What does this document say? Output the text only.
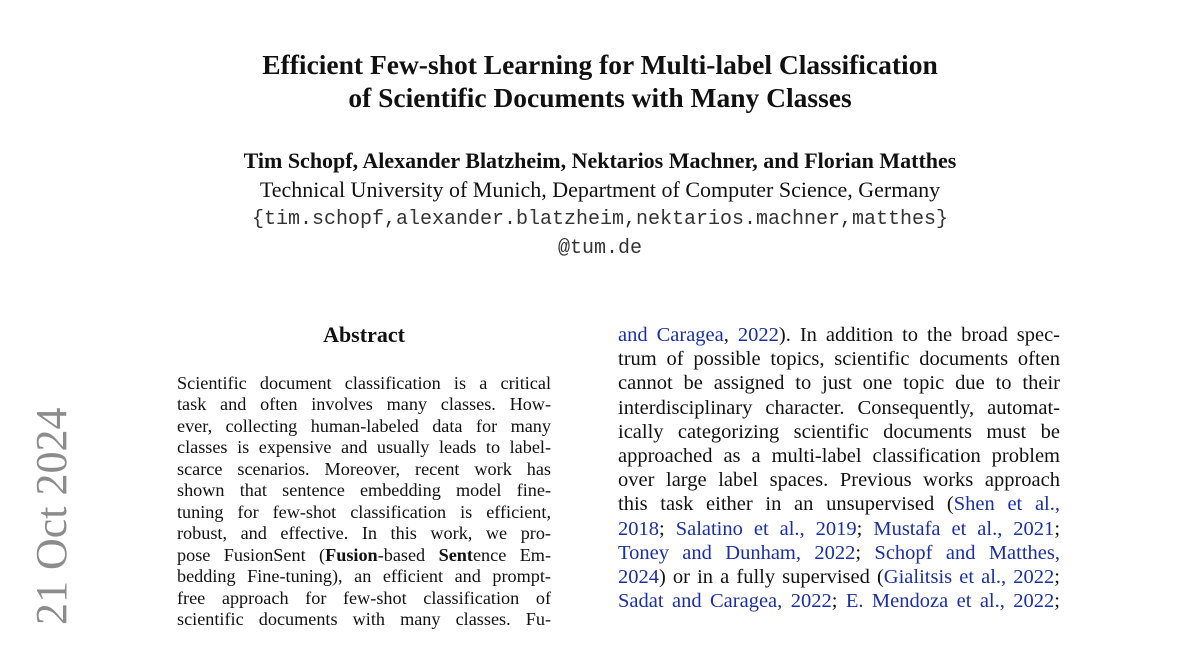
Efficient Few-shot Learning for Multi-label Classification
of Scientific Documents with Many Classes
Tim Schopf, Alexander Blatzheim, Nektarios Machner, and Florian Matthes
Technical University of Munich, Department of Computer Science, Germany
{tim.schopf,alexander.blatzheim,nektarios.machner,matthes}
@tum.de
21 Oct 2024
Abstract
Scientific document classification is a critical
task and often involves many classes. How-
ever, collecting human-labeled data for many
classes is expensive and usually leads to label-
scarce scenarios. Moreover, recent work has
shown that sentence embedding model fine-
tuning for few-shot classification is efficient,
robust, and effective. In this work, we pro-
pose FusionSent (Fusion-based Sentence Em-
bedding Fine-tuning), an efficient and prompt-
free approach for few-shot classification of
scientific documents with many classes. Fu-
and Caragea, 2022). In addition to the broad spec-
trum of possible topics, scientific documents often
cannot be assigned to just one topic due to their
interdisciplinary character. Consequently, automat-
ically categorizing scientific documents must be
approached as a multi-label classification problem
over large label spaces. Previous works approach
this task either in an unsupervised (Shen et al.,
2018; Salatino et al., 2019; Mustafa et al., 2021;
Toney and Dunham, 2022; Schopf and Matthes,
2024) or in a fully supervised (Gialitsis et al., 2022;
Sadat and Caragea, 2022; E. Mendoza et al., 2022;
